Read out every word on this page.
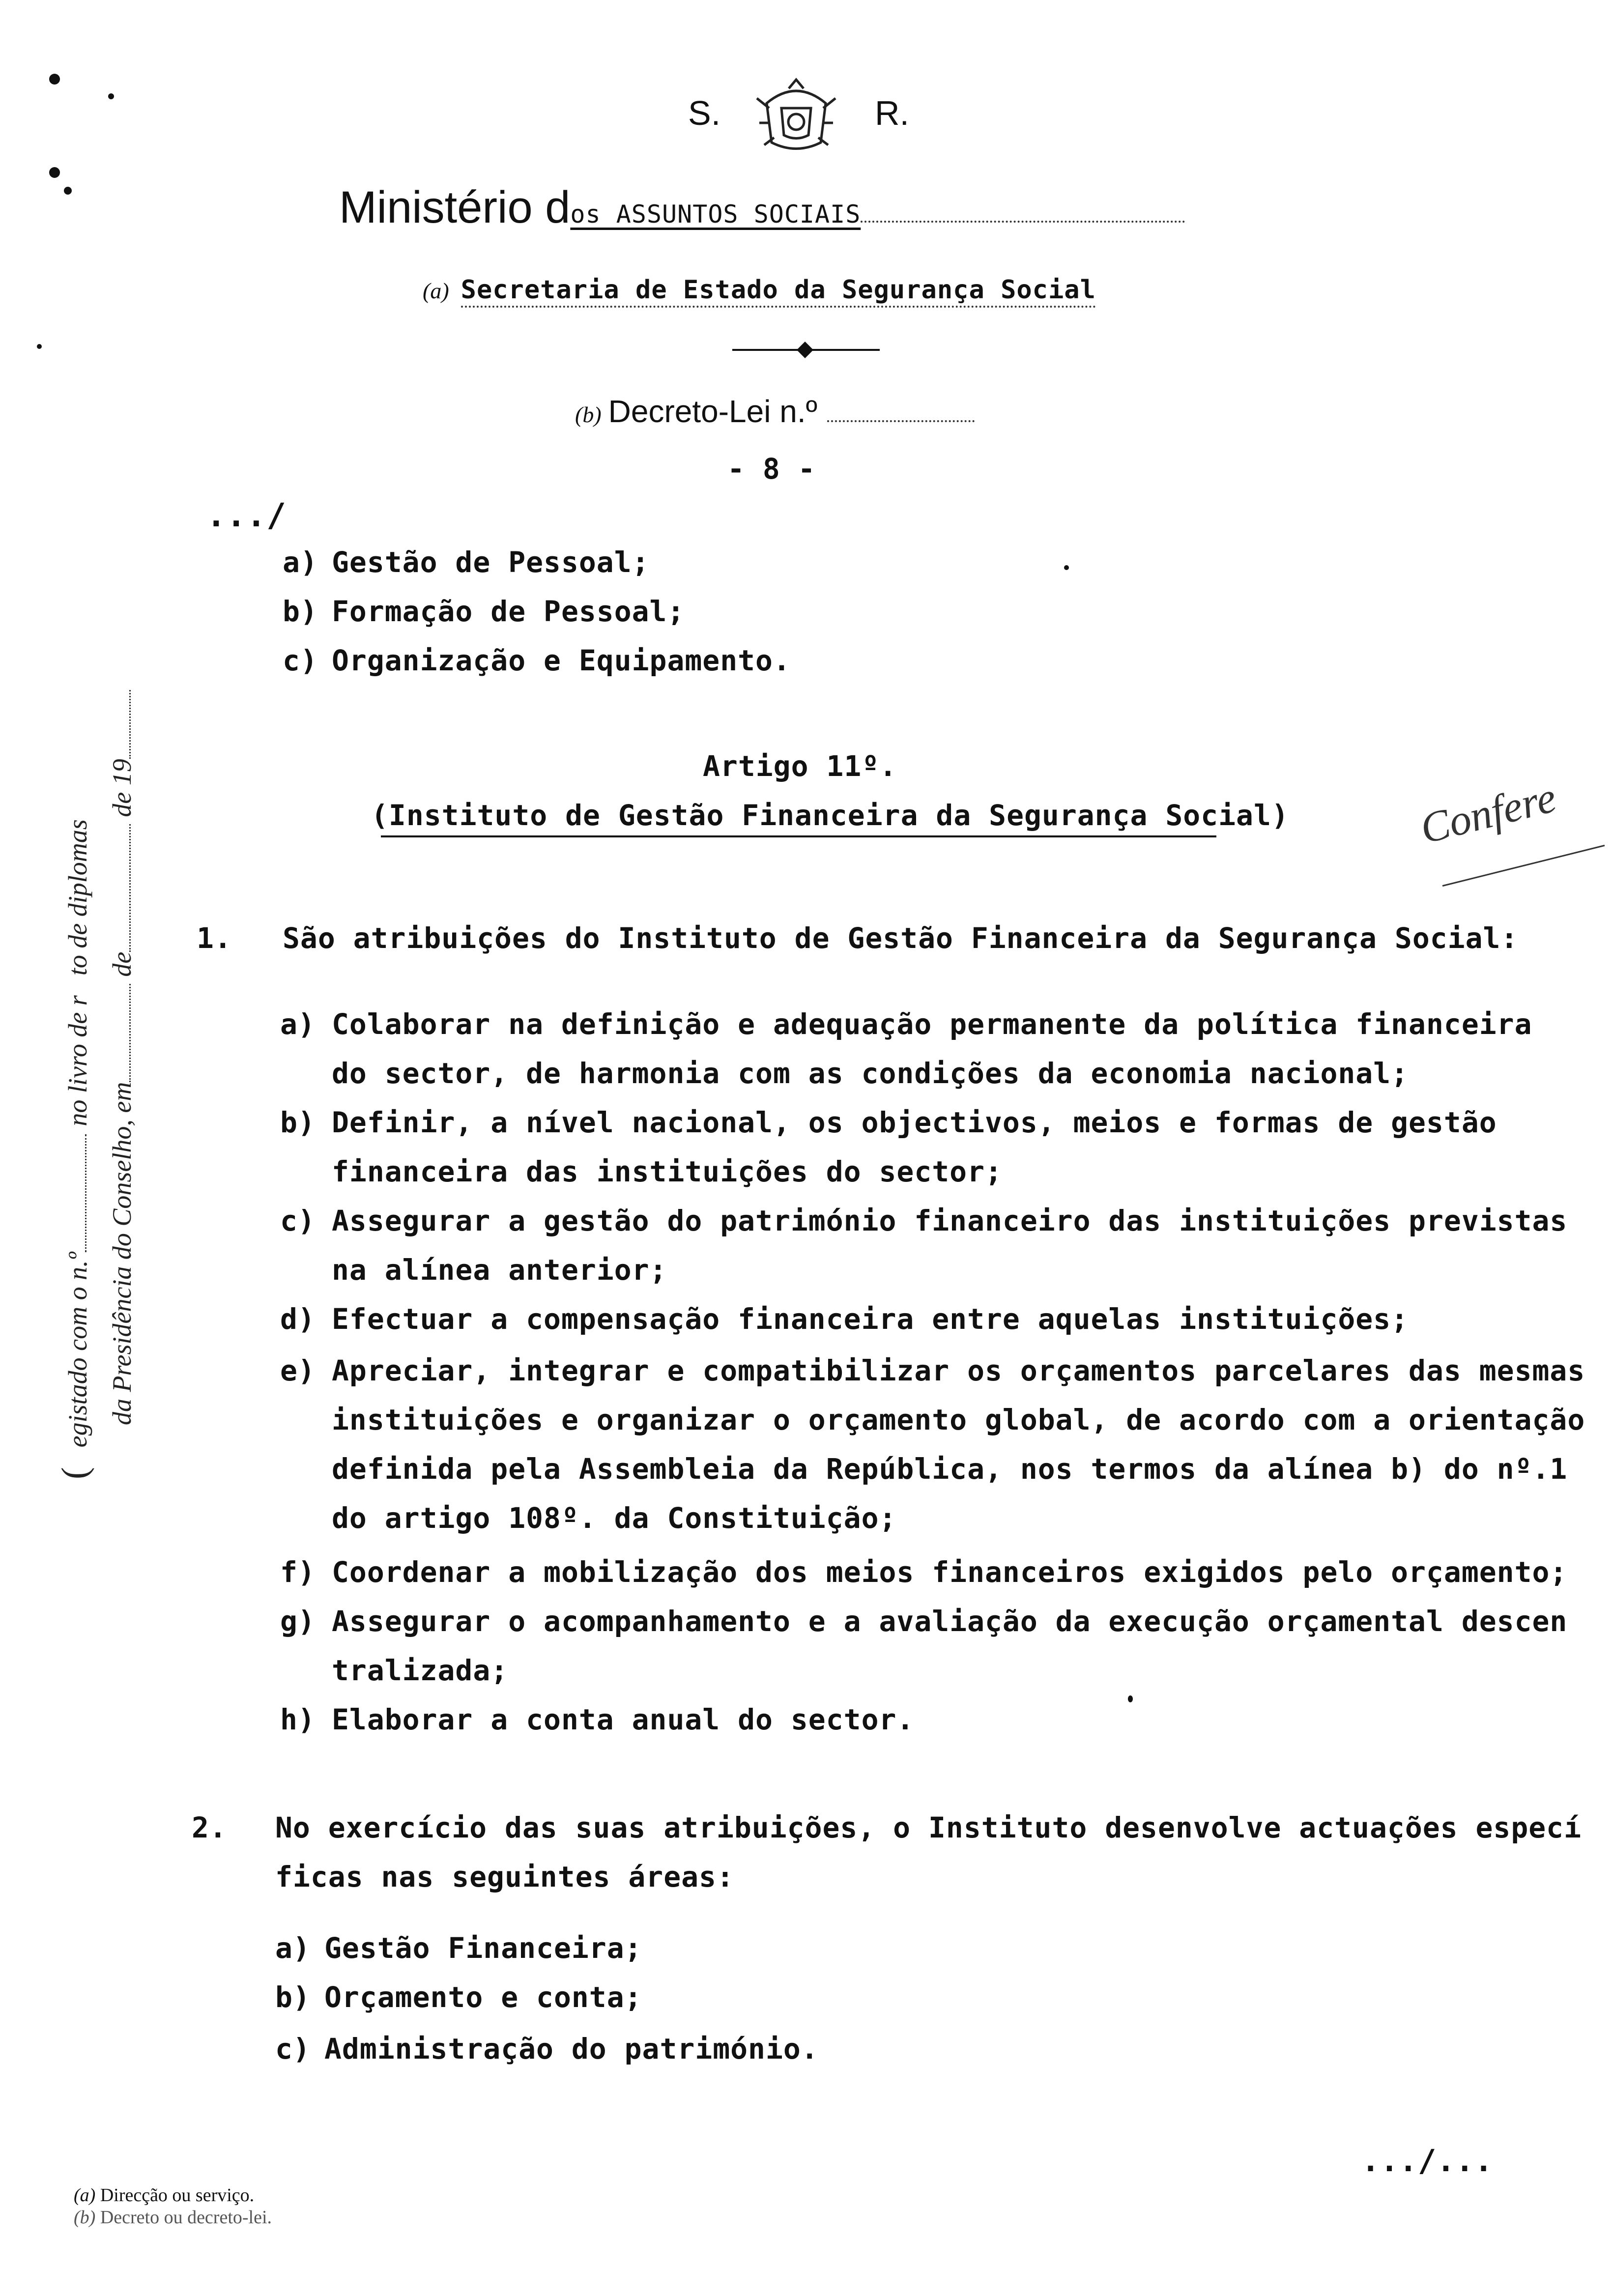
S.	R.
Ministério dos ASSUNTOS SOCIAIS
(a) Secretaria de Estado da Segurança Social
(b) Decreto-Lei n.º
- 8 -
.../
a) Gestão de Pessoal;
b) Formação de Pessoal;
c) Organização e Equipamento.
Artigo 11º.
(Instituto de Gestão Financeira da Segurança Social)	Confere
1. São atribuições do Instituto de Gestão Financeira da Segurança Social:
a) Colaborar na definição e adequação permanente da política financeira
do sector, de harmonia com as condições da economia nacional;
b) Definir, a nível nacional, os objectivos, meios e formas de gestão
financeira das instituições do sector;
c) Assegurar a gestão do património financeiro das instituições previstas
na alínea anterior;
d) Efectuar a compensação financeira entre aquelas instituições;
e) Apreciar, integrar e compatibilizar os orçamentos parcelares das mesmas
instituições e organizar o orçamento global, de acordo com a orientação
definida pela Assembleia da República, nos termos da alínea b) do nº.1
do artigo 108º. da Constituição;
f) Coordenar a mobilização dos meios financeiros exigidos pelo orçamento;
g) Assegurar o acompanhamento e a avaliação da execução orçamental descen
tralizada;
h) Elaborar a conta anual do sector.
2. No exercício das suas atribuições, o Instituto desenvolve actuações especí
ficas nas seguintes áreas:
a) Gestão Financeira;
b) Orçamento e conta;
c) Administração do património.
.../...
(a) Direcção ou serviço.
(b) Decreto ou decreto-lei.
(egistado com o n.ºno livro de rto de diplomas
da Presidência do Conselho, emdede 19
